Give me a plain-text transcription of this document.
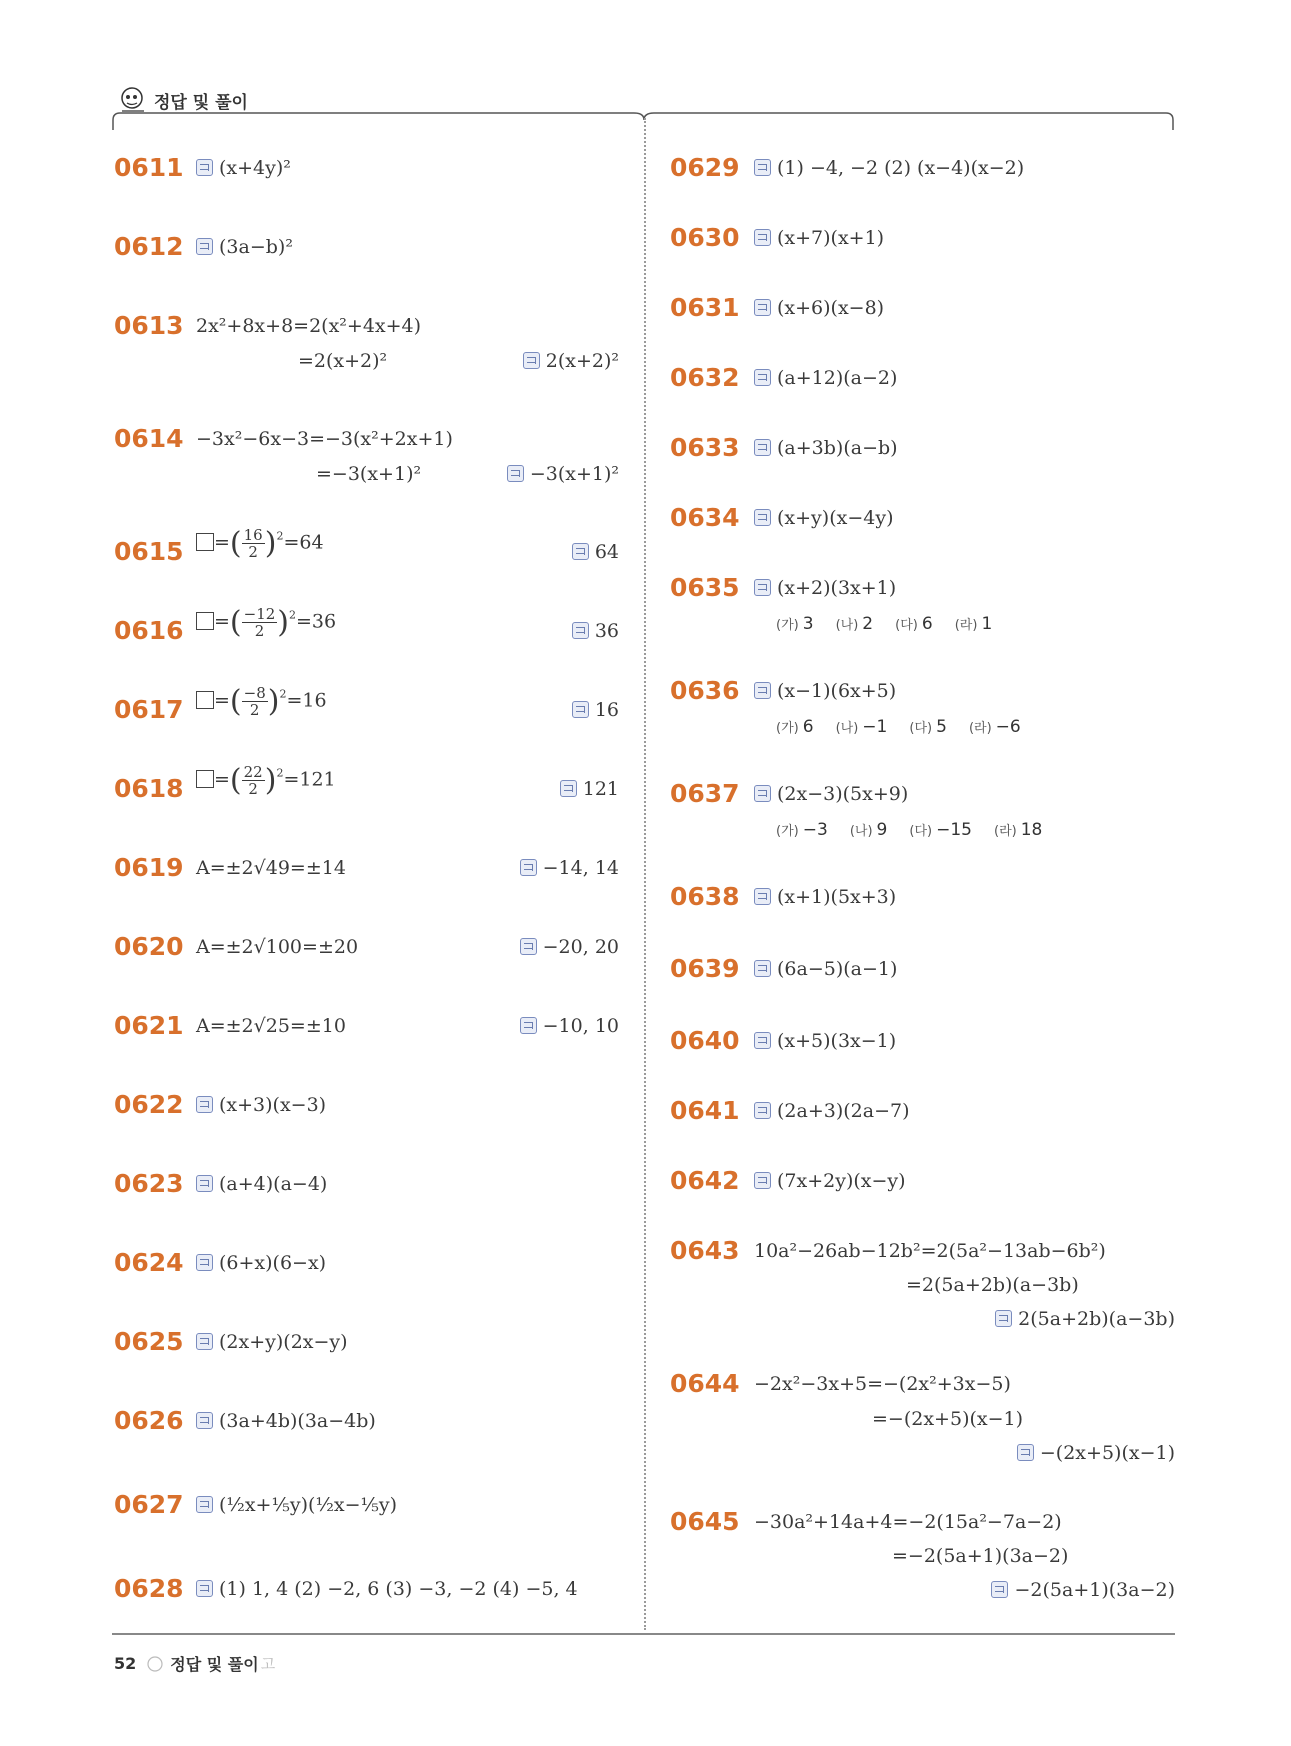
정답 및 풀이
0611	(x+4y)²
0612	(3a−b)²
0613 2x²+8x+8=2(x²+4x+4)
=2(x+2)²	2(x+2)²
0614 −3x²−6x−3=−3(x²+2x+1)
=−3(x+1)²	−3(x+1)²
0615	=( $\frac{16}{2} )^2=64$	64
0616	=( $\frac{-12}{2} )^2=36$	36
0617	=( $\frac{-8}{2} )^2=16$	16
0618	=( $\frac{22}{2} )^2=121$	121
0619 A=±2√49=±14	−14, 14
0620 A=±2√100=±20	−20, 20
0621 A=±2√25=±10	−10, 10
0622	(x+3)(x−3)
0623	(a+4)(a−4)
0624	(6+x)(6−x)
0625	(2x+y)(2x−y)
0626	(3a+4b)(3a−4b)
0627	(½x+⅕y)(½x−⅕y)
0628	(1) 1, 4 (2) −2, 6 (3) −3, −2 (4) −5, 4
0629	(1) −4, −2 (2) (x−4)(x−2)
0630	(x+7)(x+1)
0631	(x+6)(x−8)
0632	(a+12)(a−2)
0633	(a+3b)(a−b)
0634	(x+y)(x−4y)
0635	(x+2)(3x+1)
(가) 3 (나) 2 (다) 6 (라) 1
0636	(x−1)(6x+5)
(가) 6 (나) −1 (다) 5 (라) −6
0637	(2x−3)(5x+9)
(가) −3 (나) 9 (다) −15 (라) 18
0638	(x+1)(5x+3)
0639	(6a−5)(a−1)
0640	(x+5)(3x−1)
0641	(2a+3)(2a−7)
0642	(7x+2y)(x−y)
0643 10a²−26ab−12b²=2(5a²−13ab−6b²)
=2(5a+2b)(a−3b)
2(5a+2b)(a−3b)
0644 −2x²−3x+5=−(2x²+3x−5)
=−(2x+5)(x−1)
−(2x+5)(x−1)
0645 −30a²+14a+4=−2(15a²−7a−2)
=−2(5a+1)(3a−2)
−2(5a+1)(3a−2)
52 정답 및 풀이 고
